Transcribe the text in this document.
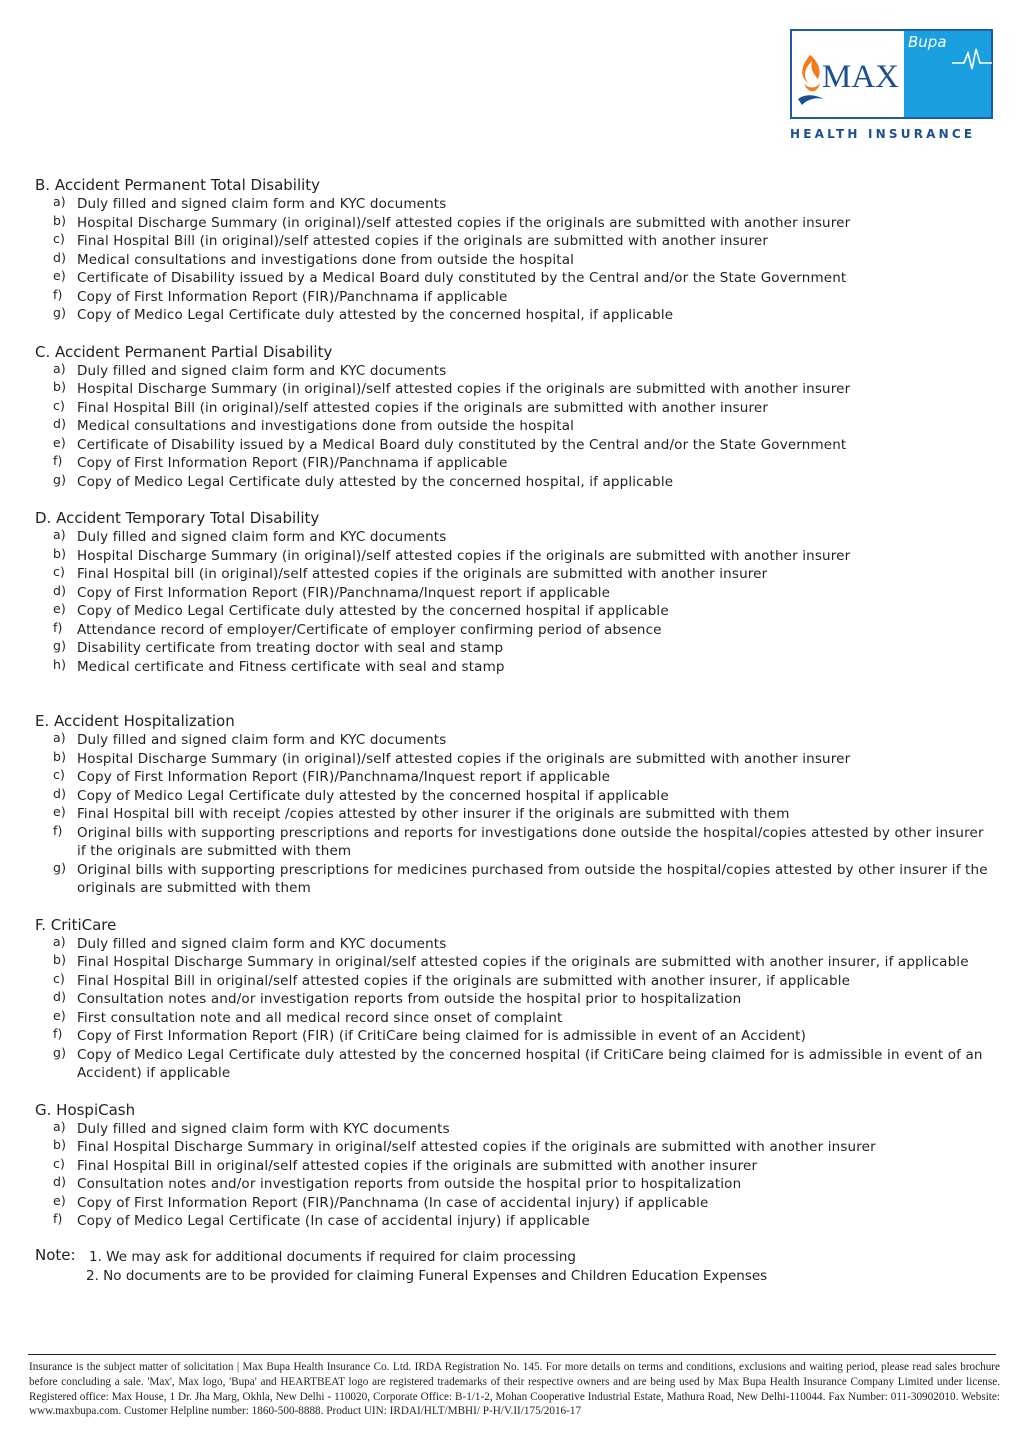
MAX
Bupa
HEALTH INSURANCE
B. Accident Permanent Total Disability
a) Duly filled and signed claim form and KYC documents
b) Hospital Discharge Summary (in original)/self attested copies if the originals are submitted with another insurer
c) Final Hospital Bill (in original)/self attested copies if the originals are submitted with another insurer
d) Medical consultations and investigations done from outside the hospital
e) Certificate of Disability issued by a Medical Board duly constituted by the Central and/or the State Government
f) Copy of First Information Report (FIR)/Panchnama if applicable
g) Copy of Medico Legal Certificate duly attested by the concerned hospital, if applicable
C. Accident Permanent Partial Disability
a) Duly filled and signed claim form and KYC documents
b) Hospital Discharge Summary (in original)/self attested copies if the originals are submitted with another insurer
c) Final Hospital Bill (in original)/self attested copies if the originals are submitted with another insurer
d) Medical consultations and investigations done from outside the hospital
e) Certificate of Disability issued by a Medical Board duly constituted by the Central and/or the State Government
f) Copy of First Information Report (FIR)/Panchnama if applicable
g) Copy of Medico Legal Certificate duly attested by the concerned hospital, if applicable
D. Accident Temporary Total Disability
a) Duly filled and signed claim form and KYC documents
b) Hospital Discharge Summary (in original)/self attested copies if the originals are submitted with another insurer
c) Final Hospital bill (in original)/self attested copies if the originals are submitted with another insurer
d) Copy of First Information Report (FIR)/Panchnama/Inquest report if applicable
e) Copy of Medico Legal Certificate duly attested by the concerned hospital if applicable
f) Attendance record of employer/Certificate of employer confirming period of absence
g) Disability certificate from treating doctor with seal and stamp
h) Medical certificate and Fitness certificate with seal and stamp
E. Accident Hospitalization
a) Duly filled and signed claim form and KYC documents
b) Hospital Discharge Summary (in original)/self attested copies if the originals are submitted with another insurer
c) Copy of First Information Report (FIR)/Panchnama/Inquest report if applicable
d) Copy of Medico Legal Certificate duly attested by the concerned hospital if applicable
e) Final Hospital bill with receipt /copies attested by other insurer if the originals are submitted with them
f) Original bills with supporting prescriptions and reports for investigations done outside the hospital/copies attested by other insurer if the originals are submitted with them
g) Original bills with supporting prescriptions for medicines purchased from outside the hospital/copies attested by other insurer if the originals are submitted with them
F. CritiCare
a) Duly filled and signed claim form and KYC documents
b) Final Hospital Discharge Summary in original/self attested copies if the originals are submitted with another insurer, if applicable
c) Final Hospital Bill in original/self attested copies if the originals are submitted with another insurer, if applicable
d) Consultation notes and/or investigation reports from outside the hospital prior to hospitalization
e) First consultation note and all medical record since onset of complaint
f) Copy of First Information Report (FIR) (if CritiCare being claimed for is admissible in event of an Accident)
g) Copy of Medico Legal Certificate duly attested by the concerned hospital (if CritiCare being claimed for is admissible in event of an Accident) if applicable
G. HospiCash
a) Duly filled and signed claim form with KYC documents
b) Final Hospital Discharge Summary in original/self attested copies if the originals are submitted with another insurer
c) Final Hospital Bill in original/self attested copies if the originals are submitted with another insurer
d) Consultation notes and/or investigation reports from outside the hospital prior to hospitalization
e) Copy of First Information Report (FIR)/Panchnama (In case of accidental injury) if applicable
f) Copy of Medico Legal Certificate (In case of accidental injury) if applicable
Note: 1. We may ask for additional documents if required for claim processing
2. No documents are to be provided for claiming Funeral Expenses and Children Education Expenses
Insurance is the subject matter of solicitation | Max Bupa Health Insurance Co. Ltd. IRDA Registration No. 145. For more details on terms and conditions, exclusions and waiting period, please read sales brochure before concluding a sale. 'Max', Max logo, 'Bupa' and HEARTBEAT logo are registered trademarks of their respective owners and are being used by Max Bupa Health Insurance Company Limited under license. Registered office: Max House, 1 Dr. Jha Marg, Okhla, New Delhi - 110020, Corporate Office: B-1/1-2, Mohan Cooperative Industrial Estate, Mathura Road, New Delhi-110044. Fax Number: 011-30902010. Website: www.maxbupa.com. Customer Helpline number: 1860-500-8888. Product UIN: IRDAI/HLT/MBHI/ P-H/V.II/175/2016-17
